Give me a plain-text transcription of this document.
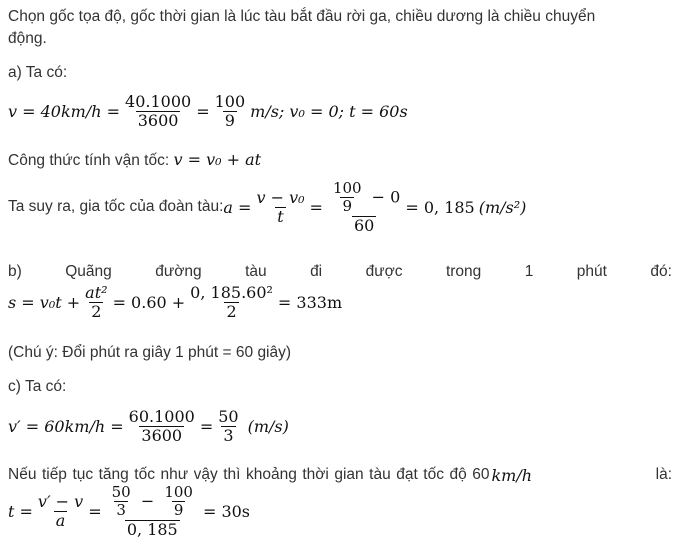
Chọn gốc tọa độ, gốc thời gian là lúc tàu bắt đầu rời ga, chiều dương là chiều chuyển
động.
a) Ta có:
$v = 40km/h = \frac{40.1000}{3600} = \frac{100}{9} m/s$; v₀ = 0; t = 60s
Công thức tính vận tốc: v = v₀ + at
Ta suy ra, gia tốc của đoàn tàu: $a = \frac{\text{v − v₀}}{t} = \frac{\frac{100}{9} - 0}{60} = 0$, 185 (m/s²)
b)	Quãng	đường	tàu	đi	được	trong	1	phút	đó:
$s = v_0t + \frac{\text{at²}}{2} = 0.60 + \frac{\text{0, 185.60²}}{2} = 333m$
(Chú ý: Đổi phút ra giây 1 phút = 60 giây)
c) Ta có:
$v' = 60km/h = \frac{60.1000}{3600} = \frac{50}{3} (m/s)$
Nếu tiếp tục tăng tốc như vậy thì khoảng thời gian tàu đạt tốc độ 60 km/h	là:
$t = \frac{v' - v}{a} = \frac{50}{3} - \frac{100}{9}$
0, 185
= 30s
